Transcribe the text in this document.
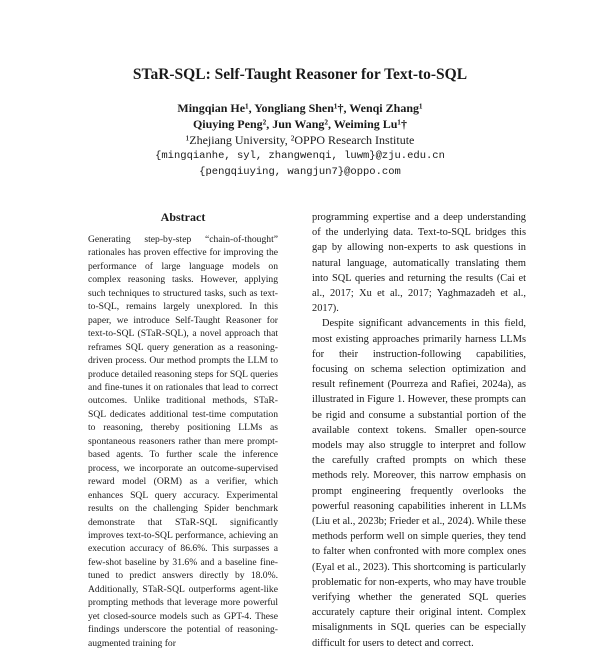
STaR-SQL: Self-Taught Reasoner for Text-to-SQL
Mingqian He¹, Yongliang Shen¹†, Wenqi Zhang¹
Qiuying Peng², Jun Wang², Weiming Lu¹†
¹Zhejiang University, ²OPPO Research Institute
{mingqianhe, syl, zhangwenqi, luwm}@zju.edu.cn
{pengqiuying, wangjun7}@oppo.com
Abstract

Generating step-by-step “chain-of-thought” rationales has proven effective for improving the performance of large language models on complex reasoning tasks. However, applying such techniques to structured tasks, such as text-to-SQL, remains largely unexplored. In this paper, we introduce Self-Taught Reasoner for text-to-SQL (STaR-SQL), a novel approach that reframes SQL query generation as a reasoning-driven process. Our method prompts the LLM to produce detailed reasoning steps for SQL queries and fine-tunes it on rationales that lead to correct outcomes. Unlike traditional methods, STaR-SQL dedicates additional test-time computation to reasoning, thereby positioning LLMs as spontaneous reasoners rather than mere prompt-based agents. To further scale the inference process, we incorporate an outcome-supervised reward model (ORM) as a verifier, which enhances SQL query accuracy. Experimental results on the challenging Spider benchmark demonstrate that STaR-SQL significantly improves text-to-SQL performance, achieving an execution accuracy of 86.6%. This surpasses a few-shot baseline by 31.6% and a baseline fine-tuned to predict answers directly by 18.0%. Additionally, STaR-SQL outperforms agent-like prompting methods that leverage more powerful yet closed-source models such as GPT-4. These findings underscore the potential of reasoning-augmented training for

programming expertise and a deep understanding of the underlying data. Text-to-SQL bridges this gap by allowing non-experts to ask questions in natural language, automatically translating them into SQL queries and returning the results (Cai et al., 2017; Xu et al., 2017; Yaghmazadeh et al., 2017).

Despite significant advancements in this field, most existing approaches primarily harness LLMs for their instruction-following capabilities, focusing on schema selection optimization and result refinement (Pourreza and Rafiei, 2024a), as illustrated in Figure 1. However, these prompts can be rigid and consume a substantial portion of the available context tokens. Smaller open-source models may also struggle to interpret and follow the carefully crafted prompts on which these methods rely. Moreover, this narrow emphasis on prompt engineering frequently overlooks the powerful reasoning capabilities inherent in LLMs (Liu et al., 2023b; Frieder et al., 2024). While these methods perform well on simple queries, they tend to falter when confronted with more complex ones (Eyal et al., 2023). This shortcoming is particularly problematic for non-experts, who may have trouble verifying whether the generated SQL queries accurately capture their original intent. Complex misalignments in SQL queries can be especially difficult for users to detect and correct.
